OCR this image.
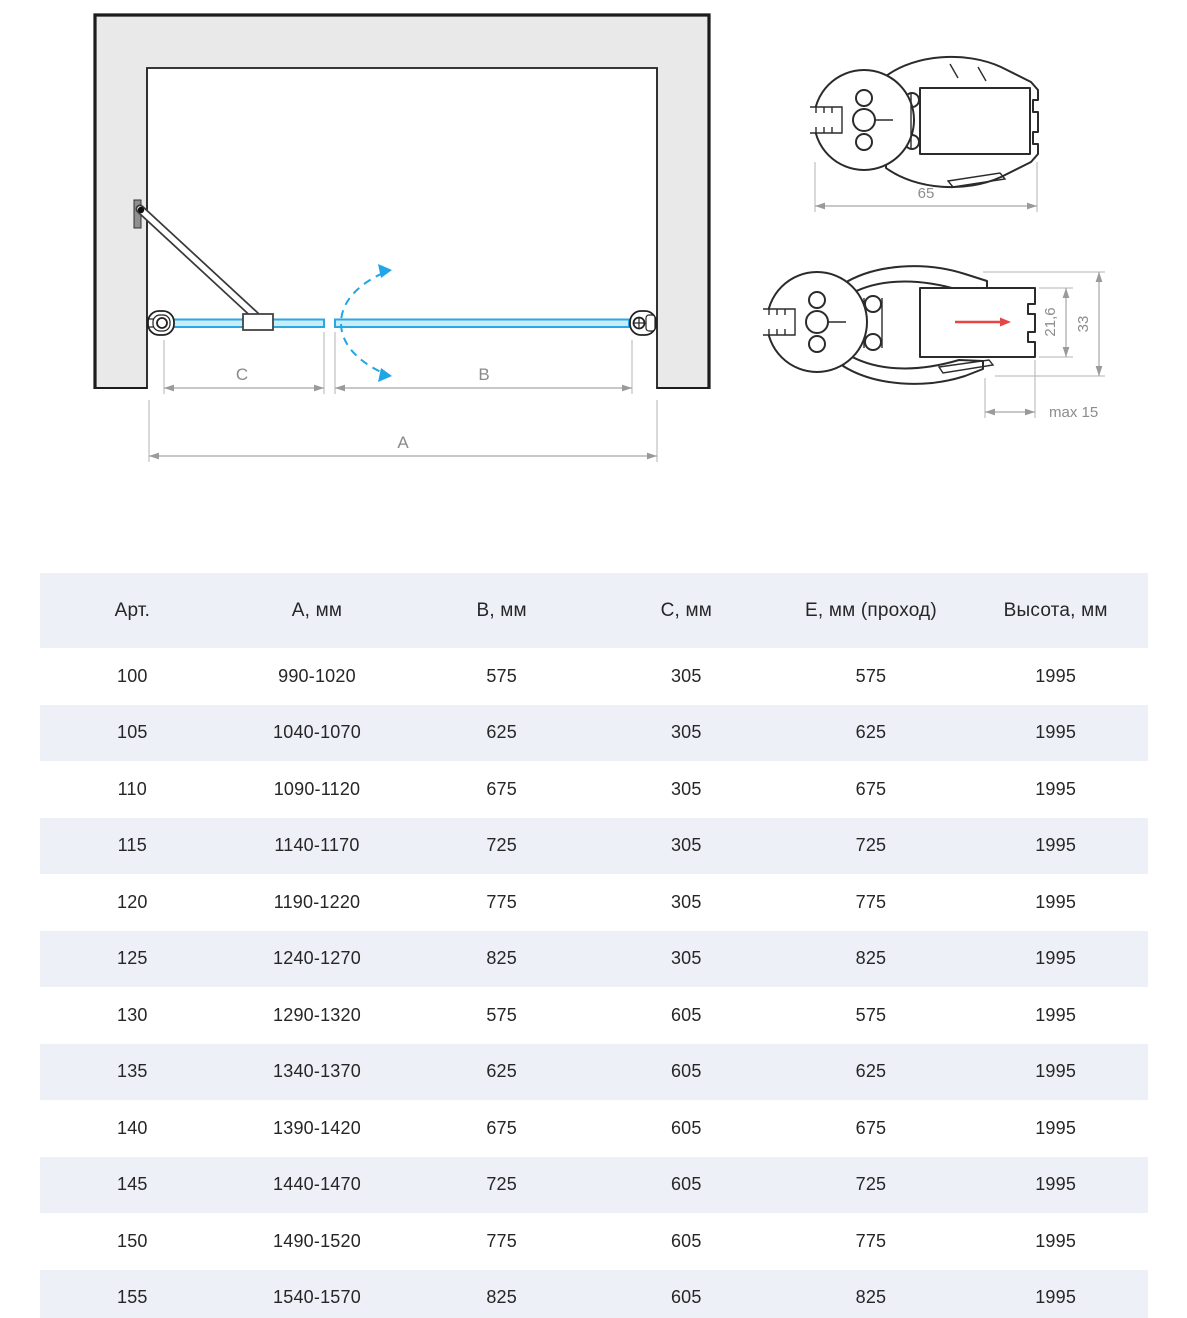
C	B
A
65
21,6 33
max 15
Арт.	А, мм	В, мм	С, мм	Е, мм (проход)	Высота, мм
100	990-1020	575	305	575	1995
105	1040-1070	625	305	625	1995
110	1090-1120	675	305	675	1995
115	1140-1170	725	305	725	1995
120	1190-1220	775	305	775	1995
125	1240-1270	825	305	825	1995
130	1290-1320	575	605	575	1995
135	1340-1370	625	605	625	1995
140	1390-1420	675	605	675	1995
145	1440-1470	725	605	725	1995
150	1490-1520	775	605	775	1995
155	1540-1570	825	605	825	1995
